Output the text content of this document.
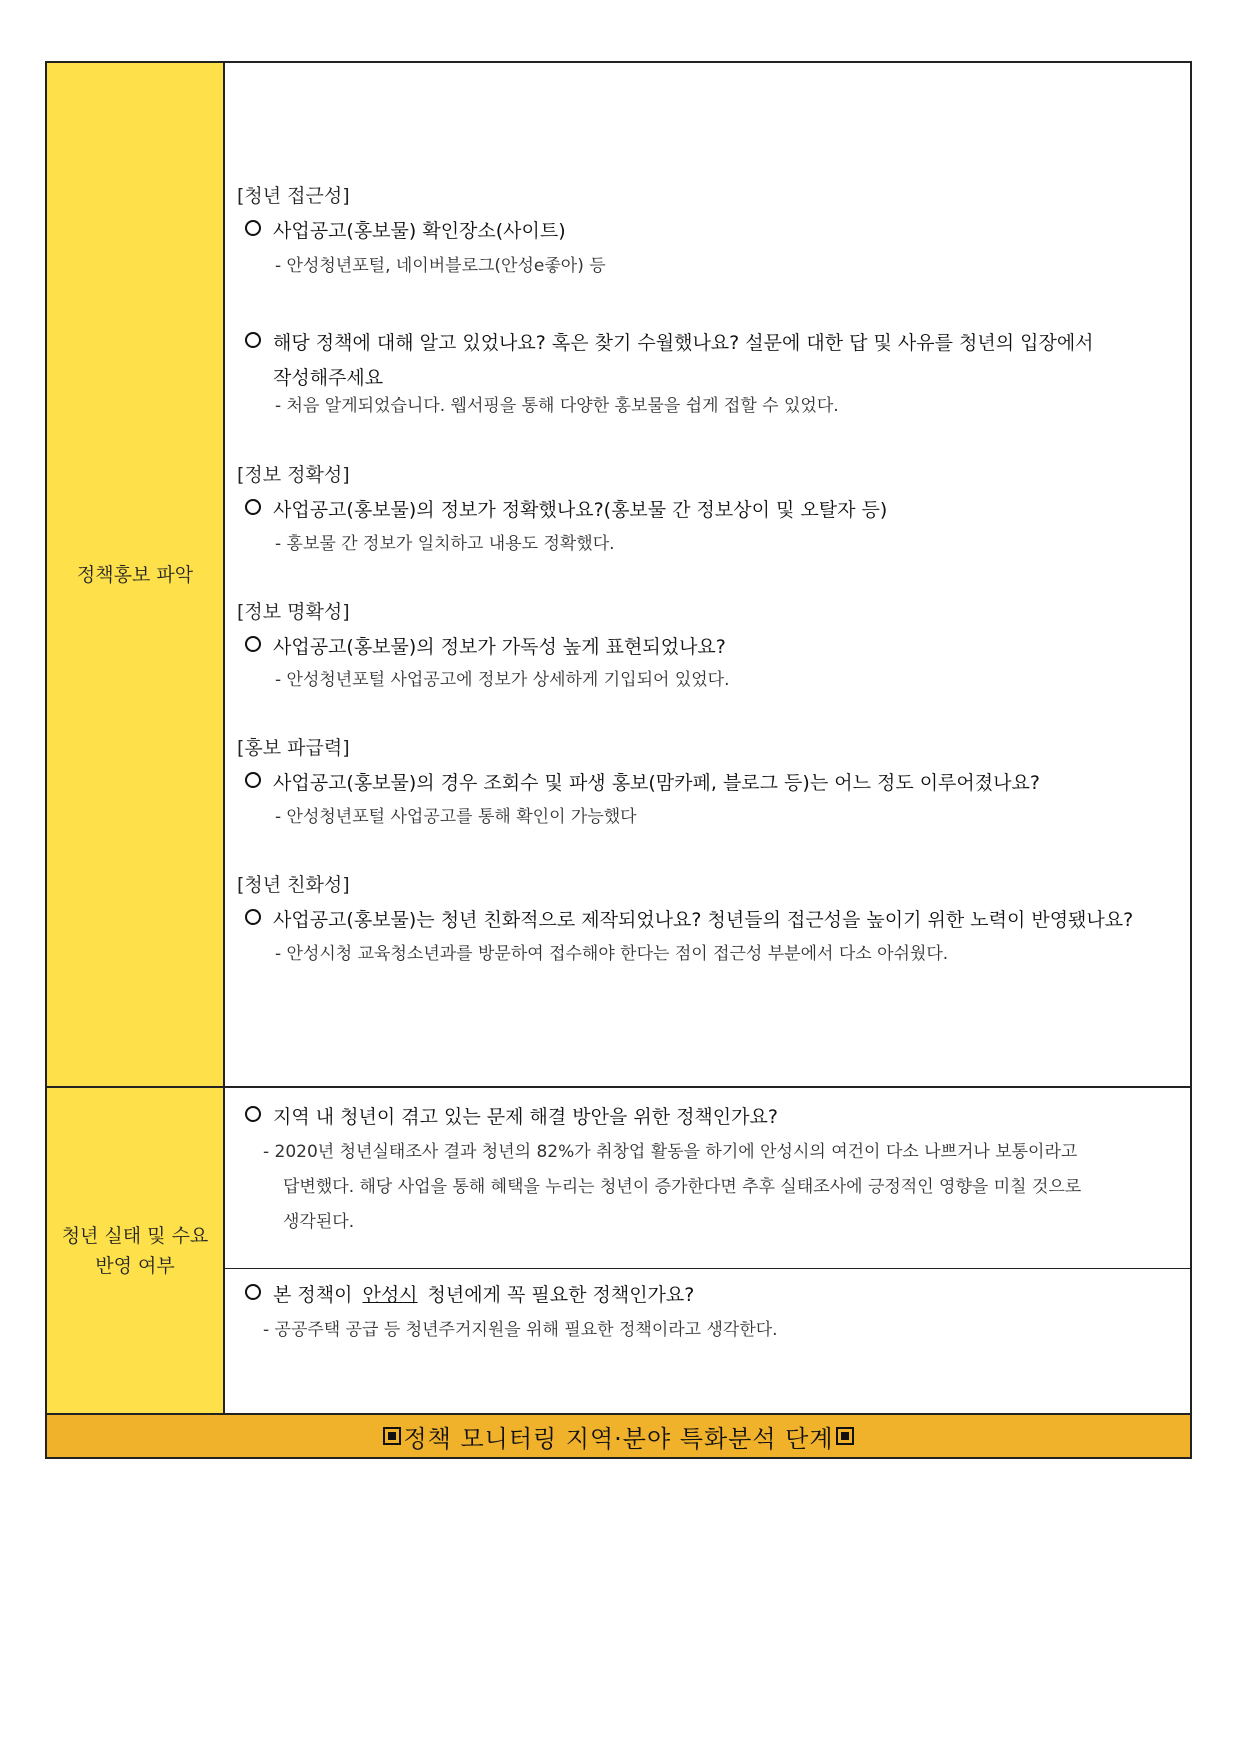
정책홍보 파악
[청년 접근성]
사업공고(홍보물) 확인장소(사이트)
- 안성청년포털, 네이버블로그(안성e좋아) 등
해당 정책에 대해 알고 있었나요? 혹은 찾기 수월했나요? 설문에 대한 답 및 사유를 청년의 입장에서
작성해주세요
- 처음 알게되었습니다. 웹서핑을 통해 다양한 홍보물을 쉽게 접할 수 있었다.
[정보 정확성]
사업공고(홍보물)의 정보가 정확했나요?(홍보물 간 정보상이 및 오탈자 등)
- 홍보물 간 정보가 일치하고 내용도 정확했다.
[정보 명확성]
사업공고(홍보물)의 정보가 가독성 높게 표현되었나요?
- 안성청년포털 사업공고에 정보가 상세하게 기입되어 있었다.
[홍보 파급력]
사업공고(홍보물)의 경우 조회수 및 파생 홍보(맘카페, 블로그 등)는 어느 정도 이루어졌나요?
- 안성청년포털 사업공고를 통해 확인이 가능했다
[청년 친화성]
사업공고(홍보물)는 청년 친화적으로 제작되었나요? 청년들의 접근성을 높이기 위한 노력이 반영됐나요?
- 안성시청 교육청소년과를 방문하여 접수해야 한다는 점이 접근성 부분에서 다소 아쉬웠다.
청년 실태 및 수요
반영 여부
지역 내 청년이 겪고 있는 문제 해결 방안을 위한 정책인가요?
- 2020년 청년실태조사 결과 청년의 82%가 취창업 활동을 하기에 안성시의 여건이 다소 나쁘거나 보통이라고
답변했다. 해당 사업을 통해 혜택을 누리는 청년이 증가한다면 추후 실태조사에 긍정적인 영향을 미칠 것으로
생각된다.
본 정책이 안성시 청년에게 꼭 필요한 정책인가요?
- 공공주택 공급 등 청년주거지원을 위해 필요한 정책이라고 생각한다.
정책 모니터링 지역·분야 특화분석 단계
